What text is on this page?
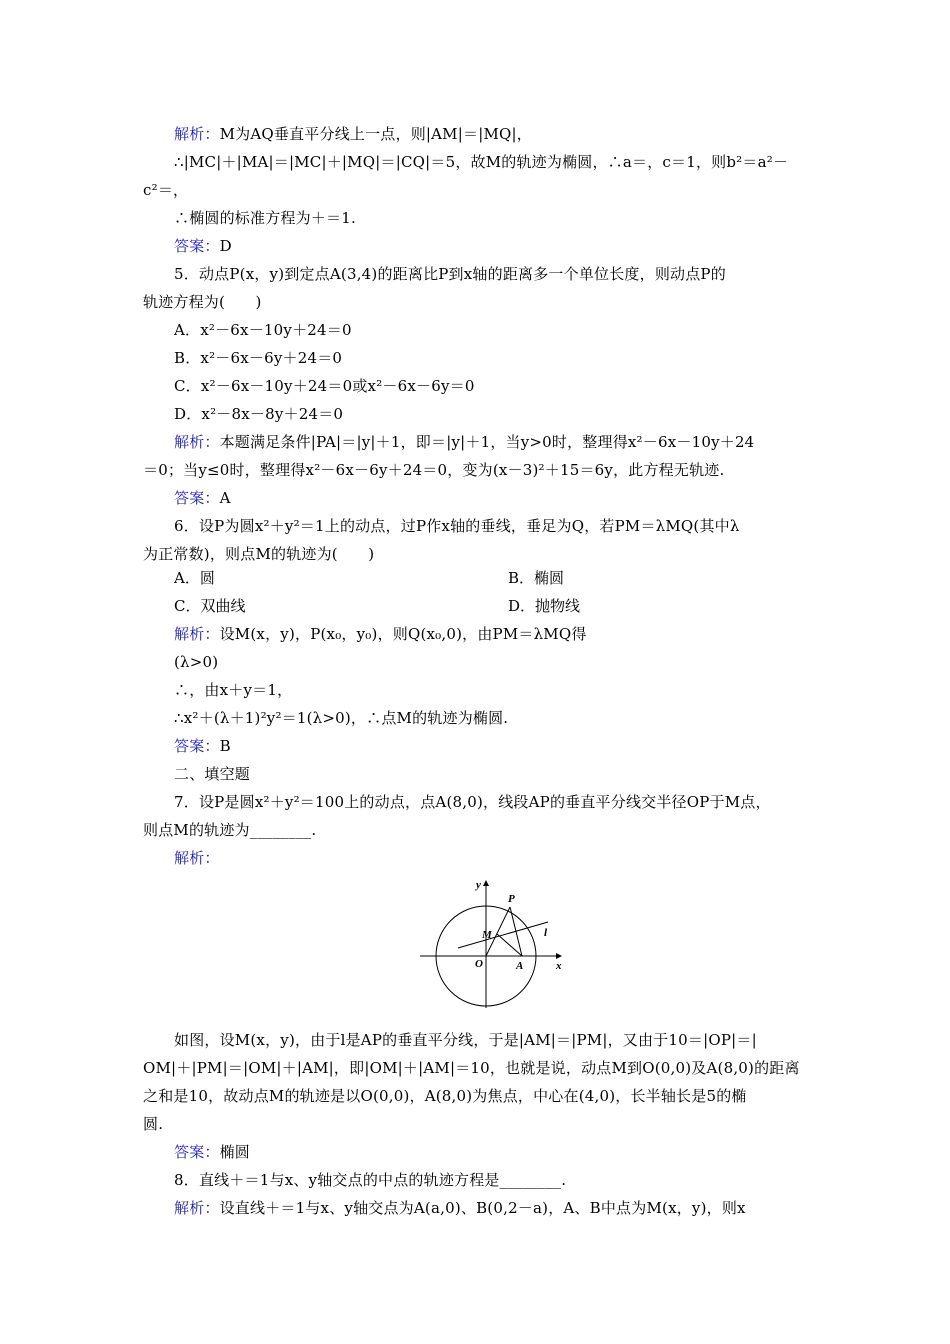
解析：M为AQ垂直平分线上一点，则|AM|＝|MQ|，
∴|MC|＋|MA|＝|MC|＋|MQ|＝|CQ|＝5，故M的轨迹为椭圆，∴a＝，c＝1，则b²＝a²－
c²＝，
∴椭圆的标准方程为＋＝1.
答案：D
5．动点P(x，y)到定点A(3,4)的距离比P到x轴的距离多一个单位长度，则动点P的
轨迹方程为(　　)
A．x²－6x－10y＋24＝0
B．x²－6x－6y＋24＝0
C．x²－6x－10y＋24＝0或x²－6x－6y＝0
D．x²－8x－8y＋24＝0
解析：本题满足条件|PA|＝|y|＋1，即＝|y|＋1，当y>0时，整理得x²－6x－10y＋24
＝0；当y≤0时，整理得x²－6x－6y＋24＝0，变为(x－3)²＋15＝6y，此方程无轨迹.
答案：A
6．设P为圆x²＋y²＝1上的动点，过P作x轴的垂线，垂足为Q，若PM＝λMQ(其中λ
为正常数)，则点M的轨迹为(　　)
解析：设M(x，y)，P(x₀，y₀)，则Q(x₀,0)，由PM＝λMQ得
(λ>0)
∴，由x＋y＝1，
∴x²＋(λ＋1)²y²＝1(λ>0)，∴点M的轨迹为椭圆.
答案：B
二、填空题
7．设P是圆x²＋y²＝100上的动点，点A(8,0)，线段AP的垂直平分线交半径OP于M点，
则点M的轨迹为________.
解析：
如图，设M(x，y)，由于l是AP的垂直平分线，于是|AM|＝|PM|，又由于10＝|OP|＝|
OM|＋|PM|＝|OM|＋|AM|，即|OM|＋|AM|＝10，也就是说，动点M到O(0,0)及A(8,0)的距离
之和是10，故动点M的轨迹是以O(0,0)，A(8,0)为焦点，中心在(4,0)，长半轴长是5的椭
圆.
答案：椭圆
8．直线＋＝1与x、y轴交点的中点的轨迹方程是________.
解析：设直线＋＝1与x、y轴交点为A(a,0)、B(0,2－a)，A、B中点为M(x，y)，则x
A．圆	B．椭圆
C．双曲线	D．抛物线
y
P
M	l
O	A	x
